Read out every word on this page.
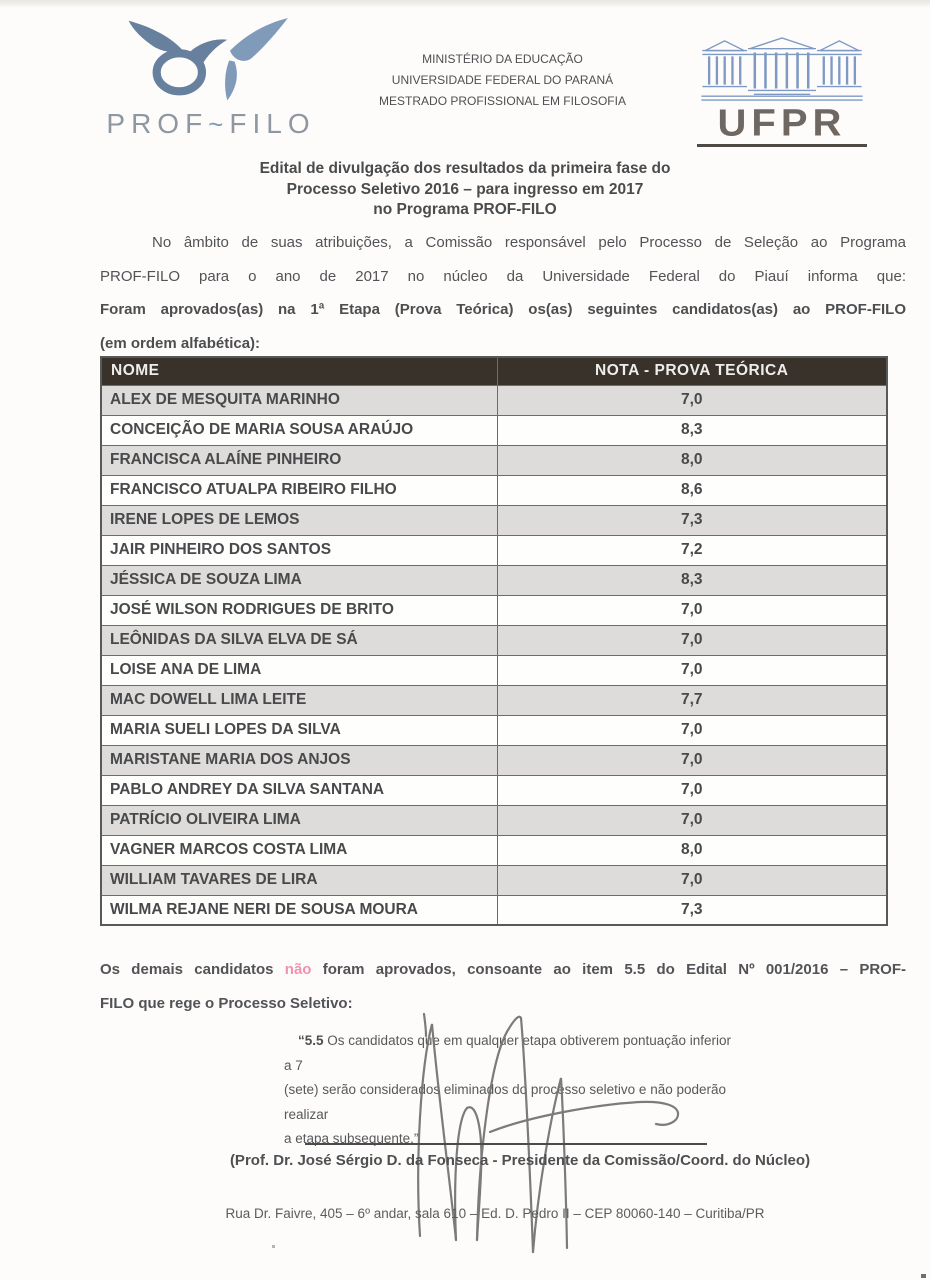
PROF~FILO
MINISTÉRIO DA EDUCAÇÃO
UNIVERSIDADE FEDERAL DO PARANÁ
MESTRADO PROFISSIONAL EM FILOSOFIA
UFPR
Edital de divulgação dos resultados da primeira fase do
Processo Seletivo 2016 – para ingresso em 2017
no Programa PROF-FILO
No âmbito de suas atribuições, a Comissão responsável pelo Processo de Seleção ao Programa
PROF-FILO para o ano de 2017 no núcleo da Universidade Federal do Piauí informa que:
Foram aprovados(as) na 1ª Etapa (Prova Teórica) os(as) seguintes candidatos(as) ao PROF-FILO
(em ordem alfabética):
NOME	NOTA - PROVA TEÓRICA
ALEX DE MESQUITA MARINHO	7,0
CONCEIÇÃO DE MARIA SOUSA ARAÚJO	8,3
FRANCISCA ALAÍNE PINHEIRO	8,0
FRANCISCO ATUALPA RIBEIRO FILHO	8,6
IRENE LOPES DE LEMOS	7,3
JAIR PINHEIRO DOS SANTOS	7,2
JÉSSICA DE SOUZA LIMA	8,3
JOSÉ WILSON RODRIGUES DE BRITO	7,0
LEÔNIDAS DA SILVA ELVA DE SÁ	7,0
LOISE ANA DE LIMA	7,0
MAC DOWELL LIMA LEITE	7,7
MARIA SUELI LOPES DA SILVA	7,0
MARISTANE MARIA DOS ANJOS	7,0
PABLO ANDREY DA SILVA SANTANA	7,0
PATRÍCIO OLIVEIRA LIMA	7,0
VAGNER MARCOS COSTA LIMA	8,0
WILLIAM TAVARES DE LIRA	7,0
WILMA REJANE NERI DE SOUSA MOURA	7,3
Os demais candidatos não foram aprovados, consoante ao item 5.5 do Edital Nº 001/2016 – PROF-
FILO que rege o Processo Seletivo:
“5.5 Os candidatos que em qualquer etapa obtiverem pontuação inferior a 7
(sete) serão considerados eliminados do processo seletivo e não poderão realizar
a etapa subsequente.”
(Prof. Dr. José Sérgio D. da Fonseca - Presidente da Comissão/Coord. do Núcleo)
Rua Dr. Faivre, 405 – 6º andar, sala 610 – Ed. D. Pedro II – CEP 80060-140 – Curitiba/PR
